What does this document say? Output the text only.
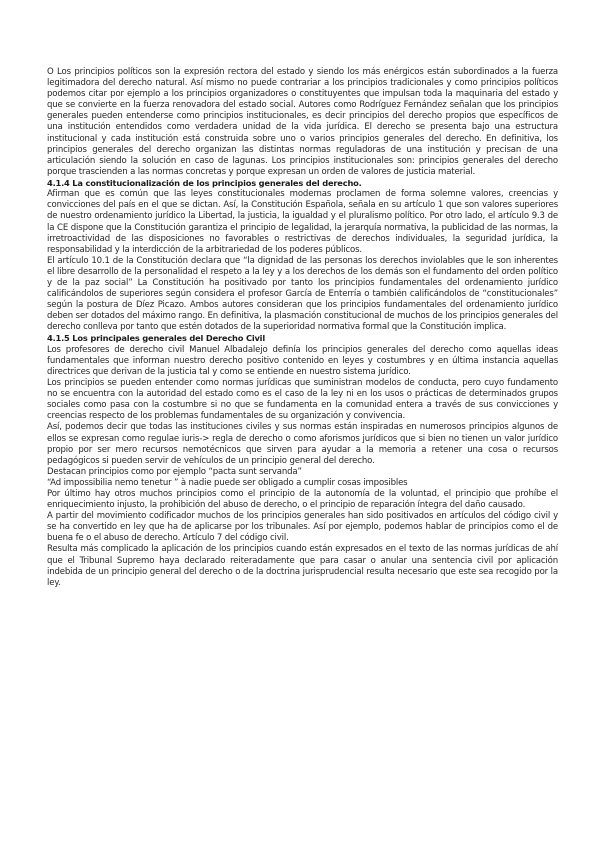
O Los principios políticos son la expresión rectora del estado y siendo los más enérgicos están subordinados a la fuerza legitimadora del derecho natural. Así mismo no puede contrariar a los principios tradicionales y como principios políticos podemos citar por ejemplo a los principios organizadores o constituyentes que impulsan toda la maquinaria del estado y que se convierte en la fuerza renovadora del estado social. Autores como Rodríguez Fernández señalan que los principios generales pueden entenderse como principios institucionales, es decir principios del derecho propios que específicos de una institución entendidos como verdadera unidad de la vida jurídica. El derecho se presenta bajo una estructura institucional y cada institución está construida sobre uno o varios principios generales del derecho. En definitiva, los principios generales del derecho organizan las distintas normas reguladoras de una institución y precisan de una articulación siendo la solución en caso de lagunas. Los principios institucionales son: principios generales del derecho porque trascienden a las normas concretas y porque expresan un orden de valores de justicia material.

4.1.4 La constitucionalización de los principios generales del derecho.

Afirman que es común que las leyes constitucionales modernas proclamen de forma solemne valores, creencias y convicciones del país en el que se dictan. Así, la Constitución Española, señala en su artículo 1 que son valores superiores de nuestro ordenamiento jurídico la Libertad, la justicia, la igualdad y el pluralismo político. Por otro lado, el artículo 9.3 de la CE dispone que la Constitución garantiza el principio de legalidad, la jerarquía normativa, la publicidad de las normas, la irretroactividad de las disposiciones no favorables o restrictivas de derechos individuales, la seguridad jurídica, la responsabilidad y la interdicción de la arbitrariedad de los poderes públicos.

El artículo 10.1 de la Constitución declara que “la dignidad de las personas los derechos inviolables que le son inherentes el libre desarrollo de la personalidad el respeto a la ley y a los derechos de los demás son el fundamento del orden político y de la paz social” La Constitución ha positivado por tanto los principios fundamentales del ordenamiento jurídico calificándolos de superiores según considera el profesor García de Enterría o también calificándolos de “constitucionales” según la postura de Díez Picazo. Ambos autores consideran que los principios fundamentales del ordenamiento jurídico deben ser dotados del máximo rango. En definitiva, la plasmación constitucional de muchos de los principios generales del derecho conlleva por tanto que estén dotados de la superioridad normativa formal que la Constitución implica.

4.1.5 Los principales generales del Derecho Civil

Los profesores de derecho civil Manuel Albadalejo definía los principios generales del derecho como aquellas ideas fundamentales que informan nuestro derecho positivo contenido en leyes y costumbres y en última instancia aquellas directrices que derivan de la justicia tal y como se entiende en nuestro sistema jurídico.

Los principios se pueden entender como normas jurídicas que suministran modelos de conducta, pero cuyo fundamento no se encuentra con la autoridad del estado como es el caso de la ley ni en los usos o prácticas de determinados grupos sociales como pasa con la costumbre si no que se fundamenta en la comunidad entera a través de sus convicciones y creencias respecto de los problemas fundamentales de su organización y convivencia.

Así, podemos decir que todas las instituciones civiles y sus normas están inspiradas en numerosos principios algunos de ellos se expresan como regulae iuris-> regla de derecho o como aforismos jurídicos que si bien no tienen un valor jurídico propio por ser mero recursos nemotécnicos que sirven para ayudar a la memoria a retener una cosa o recursos pedagógicos si pueden servir de vehículos de un principio general del derecho.

Destacan principios como por ejemplo “pacta sunt servanda”

“Ad impossibilia nemo tenetur ” à nadie puede ser obligado a cumplir cosas imposibles

Por último hay otros muchos principios como el principio de la autonomía de la voluntad, el principio que prohíbe el enriquecimiento injusto, la prohibición del abuso de derecho, o el principio de reparación íntegra del daño causado.

A partir del movimiento codificador muchos de los principios generales han sido positivados en artículos del código civil y se ha convertido en ley que ha de aplicarse por los tribunales. Así por ejemplo, podemos hablar de principios como el de buena fe o el abuso de derecho. Artículo 7 del código civil.

Resulta más complicado la aplicación de los principios cuando están expresados en el texto de las normas jurídicas de ahí que el Tribunal Supremo haya declarado reiteradamente que para casar o anular una sentencia civil por aplicación indebida de un principio general del derecho o de la doctrina jurisprudencial resulta necesario que este sea recogido por la ley.
